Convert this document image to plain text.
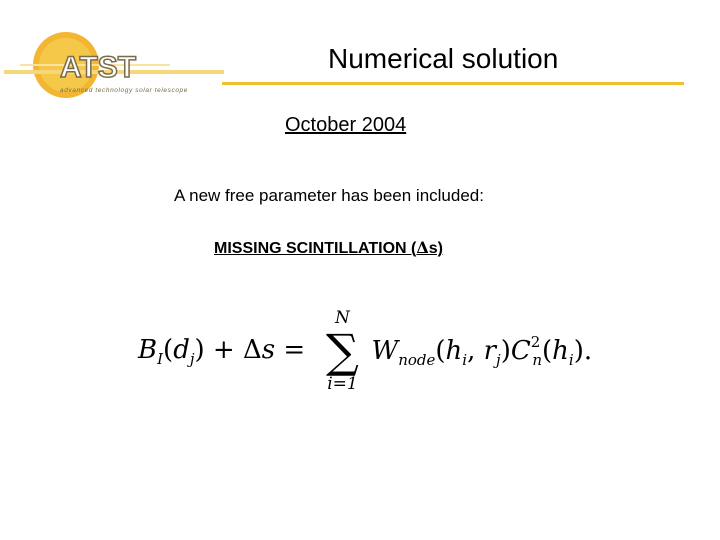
ATST
advanced technology solar telescope
Numerical solution
October 2004
A new free parameter has been included:
MISSING SCINTILLATION (Δs)
$B_I(d_j) + \Delta s$ =
N
∑
i=1
$W_{node}(h_i$, $r_j)C^2_n(h_i)$.
